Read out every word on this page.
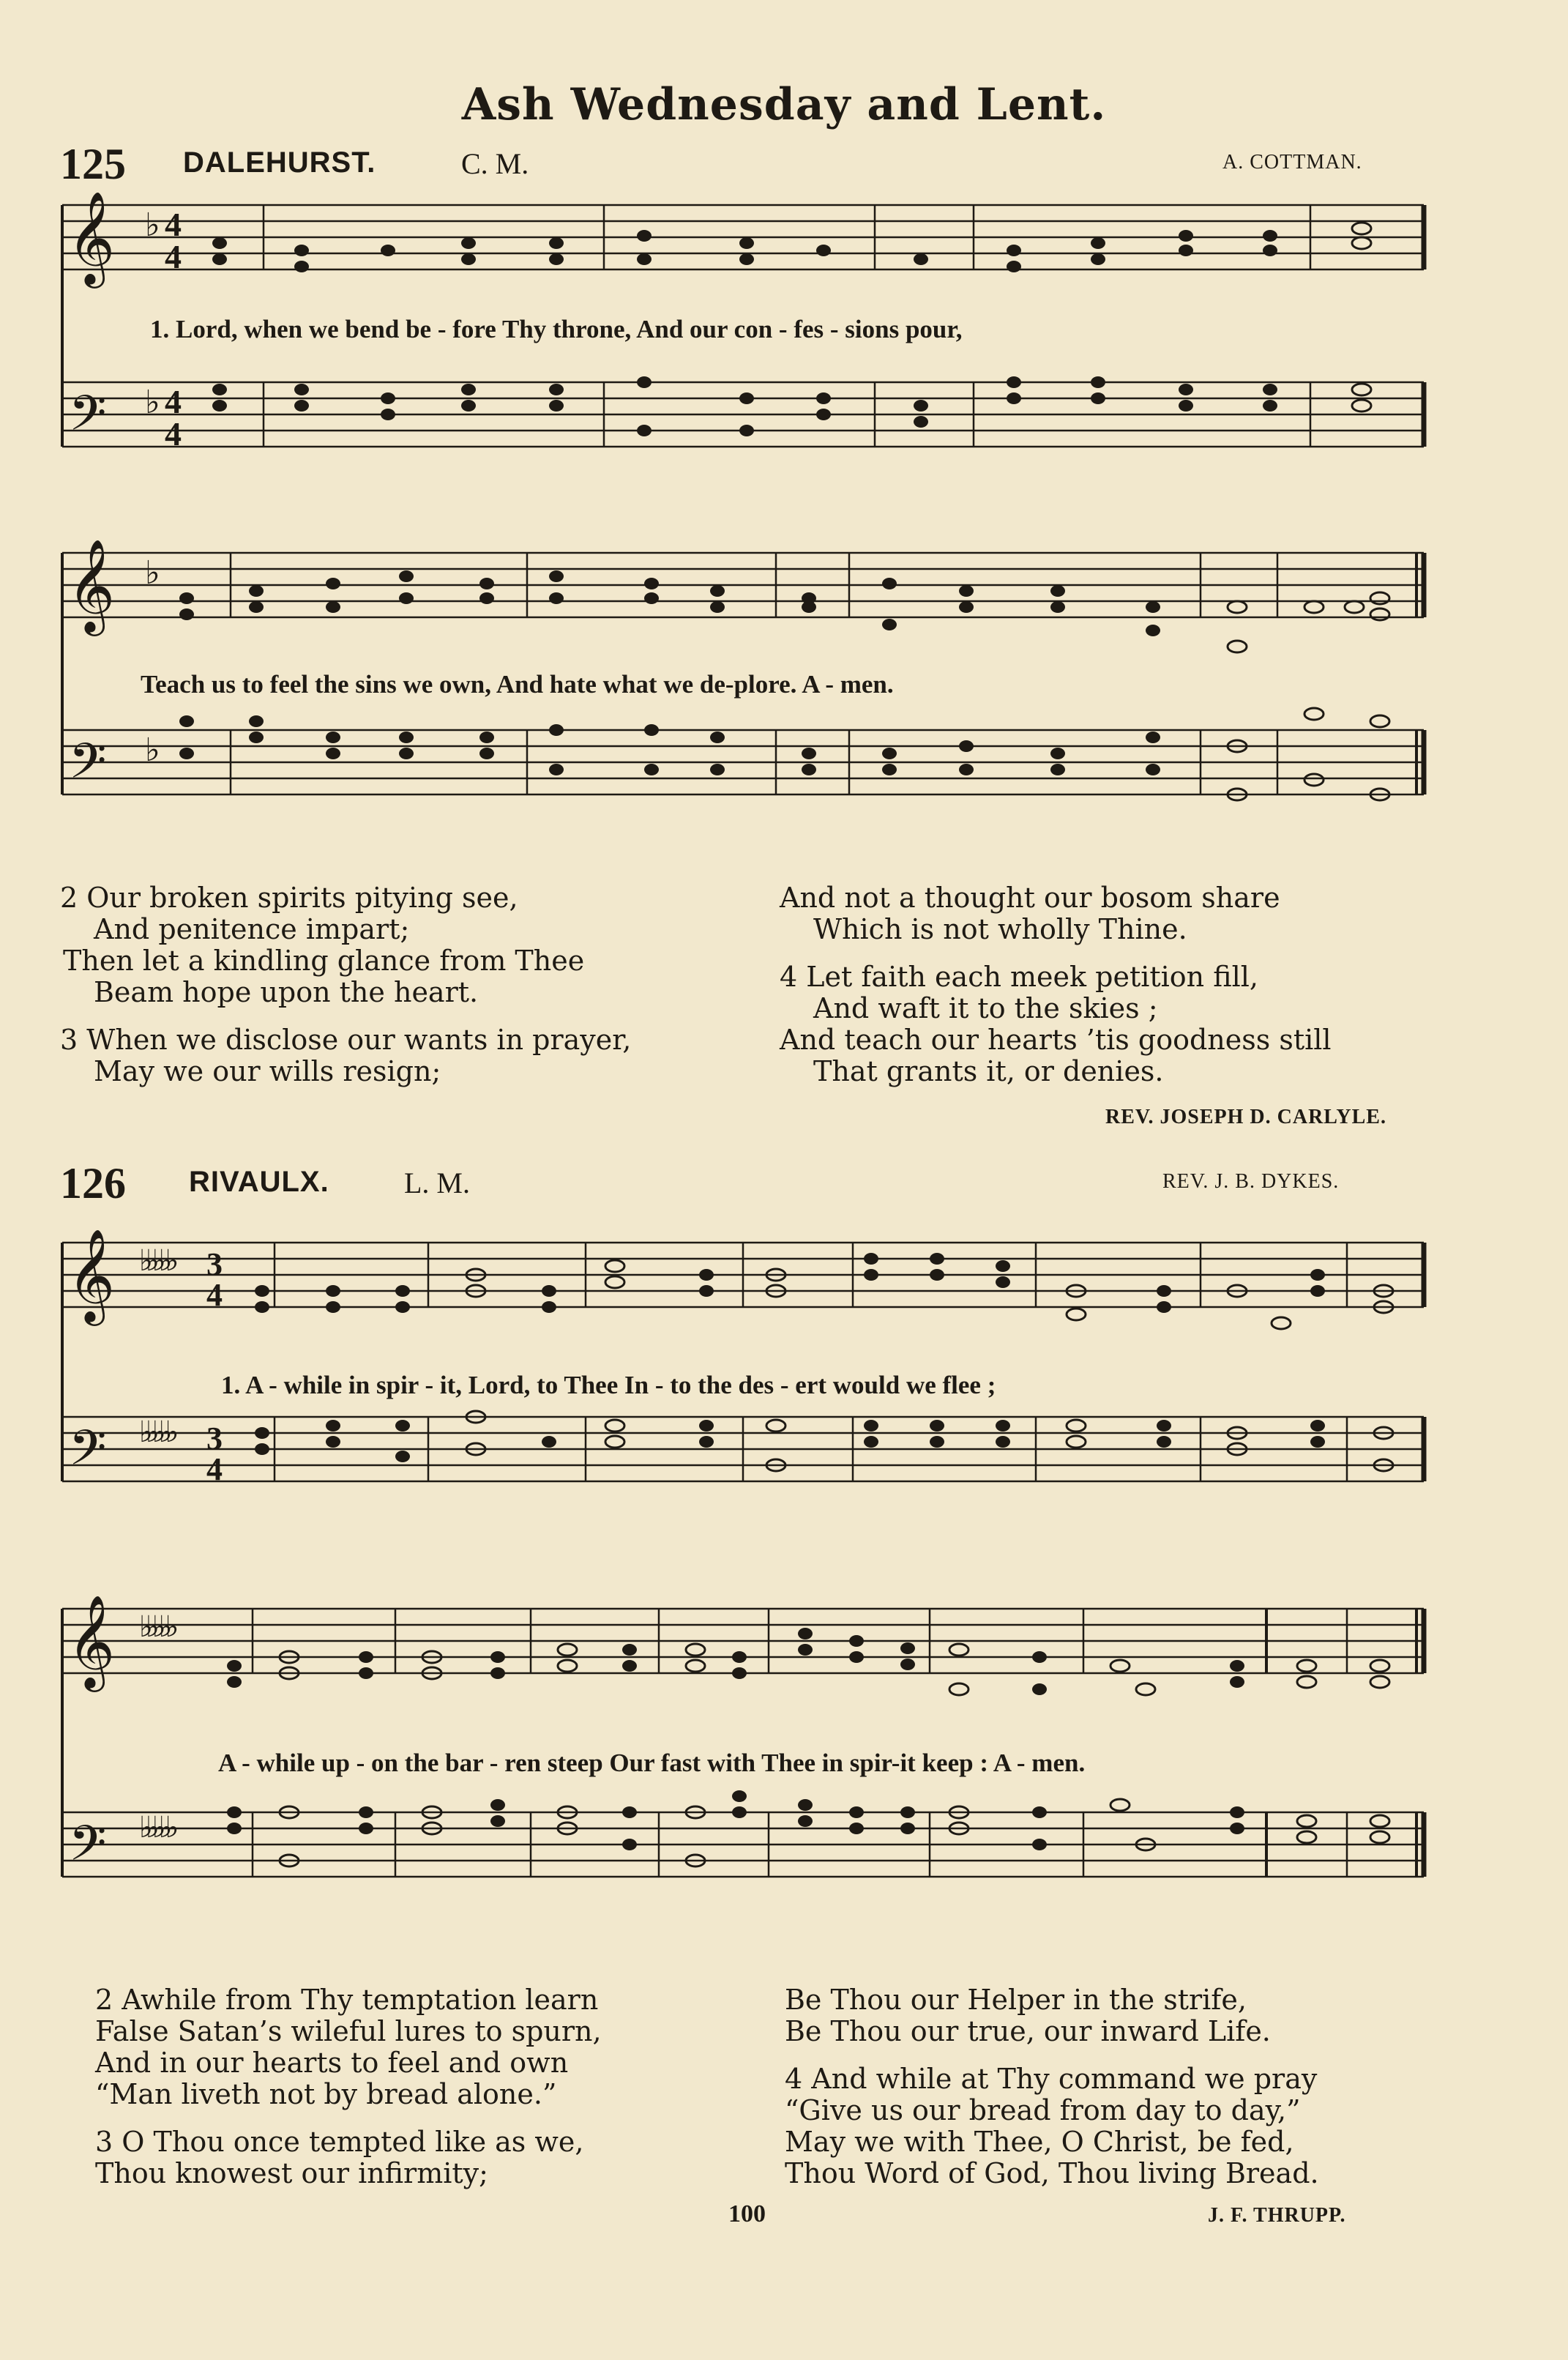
Ash Wednesday and Lent.
125 DALEHURST.	C. M.	A. COTTMAN.
𝄞
𝄢
♭
♭
4
4
4
4
1. Lord, when we bend be - fore Thy throne, And our con - fes - sions pour,
𝄞
𝄢
♭
♭
Teach us to feel the sins we own, And hate what we de-plore. A - men.
2 Our broken spirits pitying see,
And penitence impart;
Then let a kindling glance from Thee
Beam hope upon the heart.
3 When we disclose our wants in prayer,
May we our wills resign;
And not a thought our bosom share
Which is not wholly Thine.
4 Let faith each meek petition fill,
And waft it to the skies ;
And teach our hearts ’tis goodness still
That grants it, or denies.
REV. JOSEPH D. CARLYLE.
126 RIVAULX.	L. M.	REV. J. B. DYKES.
𝄞
𝄢
♭♭♭♭♭
♭♭♭♭♭
3
4
3
4
1. A - while in spir - it, Lord, to Thee In - to the des - ert would we flee ;
𝄞
𝄢
♭♭♭♭♭
♭♭♭♭♭
A - while up - on the bar - ren steep Our fast with Thee in spir-it keep : A - men.
2 Awhile from Thy temptation learn
False Satan’s wileful lures to spurn,
And in our hearts to feel and own
“Man liveth not by bread alone.”
3 O Thou once tempted like as we,
Thou knowest our infirmity;
Be Thou our Helper in the strife,
Be Thou our true, our inward Life.
4 And while at Thy command we pray
“Give us our bread from day to day,”
May we with Thee, O Christ, be fed,
Thou Word of God, Thou living Bread.
100	J. F. THRUPP.
